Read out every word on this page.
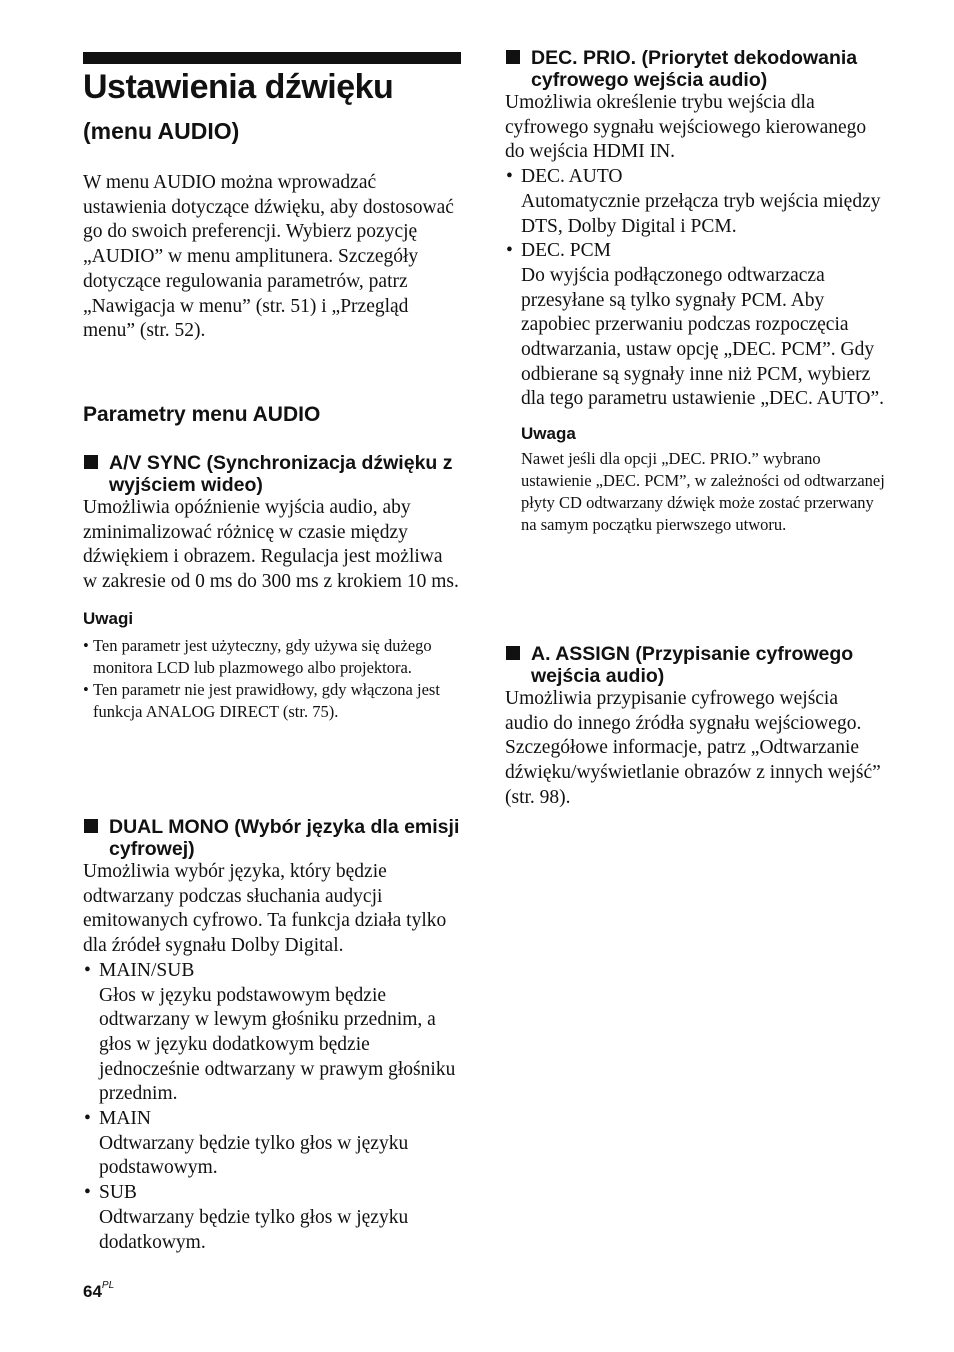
Ustawienia dźwięku
(menu AUDIO)

W menu AUDIO można wprowadzać ustawienia dotyczące dźwięku, aby dostosować go do swoich preferencji. Wybierz pozycję „AUDIO” w menu amplitunera. Szczegóły dotyczące regulowania parametrów, patrz „Nawigacja w menu” (str. 51) i „Przegląd menu” (str. 52).

Parametry menu AUDIO
A/V SYNC (Synchronizacja dźwięku z wyjściem wideo)

Umożliwia opóźnienie wyjścia audio, aby zminimalizować różnicę w czasie między dźwiękiem i obrazem. Regulacja jest możliwa w zakresie od 0 ms do 300 ms z krokiem 10 ms.

Uwagi

• Ten parametr jest użyteczny, gdy używa się dużego monitora LCD lub plazmowego albo projektora.
• Ten parametr nie jest prawidłowy, gdy włączona jest funkcja ANALOG DIRECT (str. 75).
DUAL MONO (Wybór języka dla emisji cyfrowej)

Umożliwia wybór języka, który będzie odtwarzany podczas słuchania audycji emitowanych cyfrowo. Ta funkcja działa tylko dla źródeł sygnału Dolby Digital.

• MAIN/SUB
Głos w języku podstawowym będzie odtwarzany w lewym głośniku przednim, a głos w języku dodatkowym będzie jednocześnie odtwarzany w prawym głośniku przednim.
• MAIN
Odtwarzany będzie tylko głos w języku podstawowym.
• SUB
Odtwarzany będzie tylko głos w języku dodatkowym.
DEC. PRIO. (Priorytet dekodowania cyfrowego wejścia audio)

Umożliwia określenie trybu wejścia dla cyfrowego sygnału wejściowego kierowanego do wejścia HDMI IN.

• DEC. AUTO
Automatycznie przełącza tryb wejścia między DTS, Dolby Digital i PCM.
• DEC. PCM
Do wyjścia podłączonego odtwarzacza przesyłane są tylko sygnały PCM. Aby zapobiec przerwaniu podczas rozpoczęcia odtwarzania, ustaw opcję „DEC. PCM”. Gdy odbierane są sygnały inne niż PCM, wybierz dla tego parametru ustawienie „DEC. AUTO”.

Uwaga

Nawet jeśli dla opcji „DEC. PRIO.” wybrano ustawienie „DEC. PCM”, w zależności od odtwarzanej płyty CD odtwarzany dźwięk może zostać przerwany na samym początku pierwszego utworu.

A. ASSIGN (Przypisanie cyfrowego wejścia audio)

Umożliwia przypisanie cyfrowego wejścia audio do innego źródła sygnału wejściowego. Szczegółowe informacje, patrz „Odtwarzanie dźwięku/wyświetlanie obrazów z innych wejść” (str. 98).

$64^{PL}$
